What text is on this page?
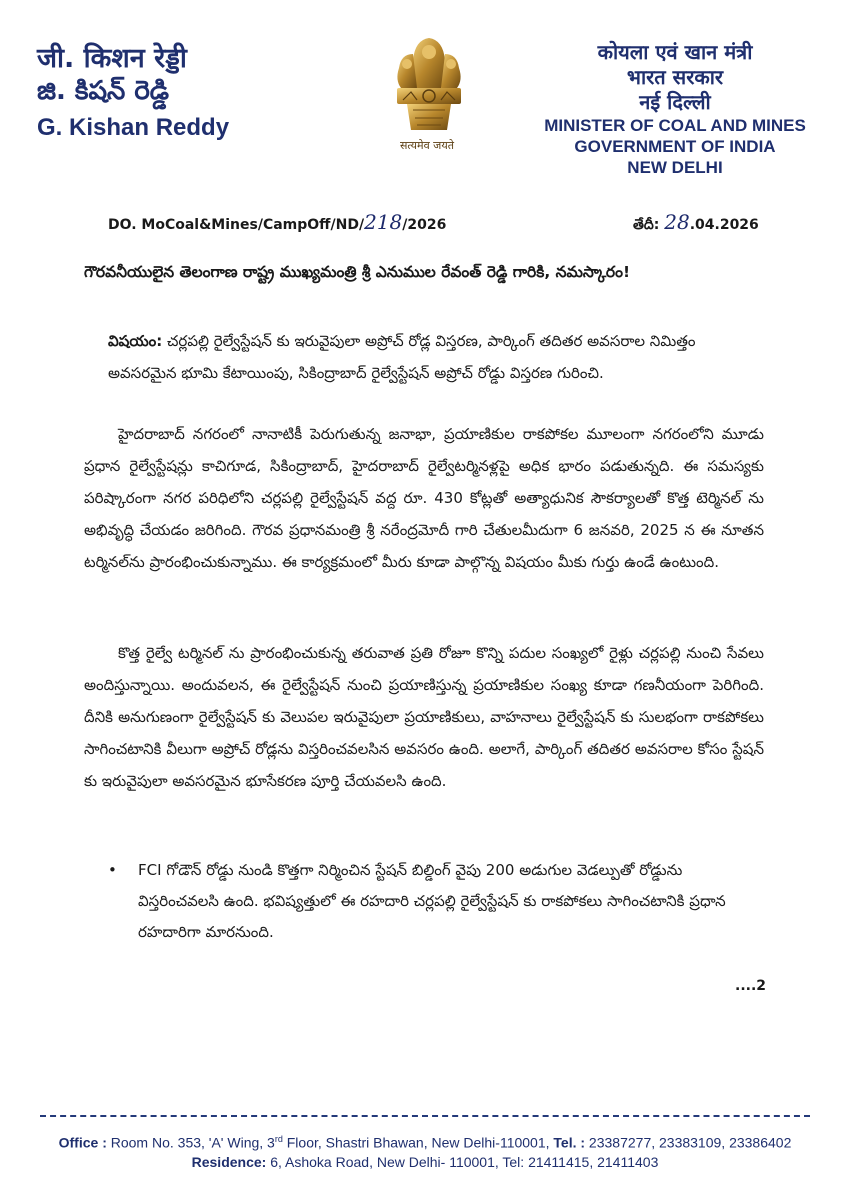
जी. किशन रेड्डी
జి. కిషన్ రెడ్డి
G. Kishan Reddy
सत्यमेव जयते
कोयला एवं खान मंत्री
भारत सरकार
नई दिल्ली
MINISTER OF COAL AND MINES
GOVERNMENT OF INDIA
NEW DELHI
DO. MoCoal&Mines/CampOff/ND/218/2026	తేదీ: 28.04.2026
గౌరవనీయులైన తెలంగాణ రాష్ట్ర ముఖ్యమంత్రి శ్రీ ఎనుముల రేవంత్ రెడ్డి గారికి, నమస్కారం!
విషయం: చర్లపల్లి రైల్వేస్టేషన్ కు ఇరువైపులా అప్రోచ్ రోడ్ల విస్తరణ, పార్కింగ్ తదితర అవసరాల నిమిత్తం అవసరమైన భూమి కేటాయింపు, సికింద్రాబాద్ రైల్వేస్టేషన్ అప్రోచ్ రోడ్డు విస్తరణ గురించి.

హైదరాబాద్ నగరంలో నానాటికీ పెరుగుతున్న జనాభా, ప్రయాణికుల రాకపోకల మూలంగా నగరంలోని మూడు ప్రధాన రైల్వేస్టేషన్లు కాచిగూడ, సికింద్రాబాద్, హైదరాబాద్ రైల్వేటర్మినళ్లపై అధిక భారం పడుతున్నది. ఈ సమస్యకు పరిష్కారంగా నగర పరిధిలోని చర్లపల్లి రైల్వేస్టేషన్ వద్ద రూ. 430 కోట్లతో అత్యాధునిక సౌకర్యాలతో కొత్త టెర్మినల్ ను అభివృద్ధి చేయడం జరిగింది. గౌరవ ప్రధానమంత్రి శ్రీ నరేంద్రమోదీ గారి చేతులమీదుగా 6 జనవరి, 2025 న ఈ నూతన టర్మినల్‌ను ప్రారంభించుకున్నాము. ఈ కార్యక్రమంలో మీరు కూడా పాల్గొన్న విషయం మీకు గుర్తు ఉండే ఉంటుంది.

కొత్త రైల్వే టర్మినల్ ను ప్రారంభించుకున్న తరువాత ప్రతి రోజూ కొన్ని పదుల సంఖ్యలో రైళ్లు చర్లపల్లి నుంచి సేవలు అందిస్తున్నాయి. అందువలన, ఈ రైల్వేస్టేషన్ నుంచి ప్రయాణిస్తున్న ప్రయాణికుల సంఖ్య కూడా గణనీయంగా పెరిగింది. దీనికి అనుగుణంగా రైల్వేస్టేషన్ కు వెలుపల ఇరువైపులా ప్రయాణికులు, వాహనాలు రైల్వేస్టేషన్ కు సులభంగా రాకపోకలు సాగించటానికి వీలుగా అప్రోచ్ రోడ్లను విస్తరించవలసిన అవసరం ఉంది. అలాగే, పార్కింగ్ తదితర అవసరాల కోసం స్టేషన్ కు ఇరువైపులా అవసరమైన భూసేకరణ పూర్తి చేయవలసి ఉంది.

• FCI గోడౌన్ రోడ్డు నుండి కొత్తగా నిర్మించిన స్టేషన్ బిల్డింగ్ వైపు 200 అడుగుల వెడల్పుతో రోడ్డును విస్తరించవలసి ఉంది. భవిష్యత్తులో ఈ రహదారి చర్లపల్లి రైల్వేస్టేషన్ కు రాకపోకలు సాగించటానికి ప్రధాన రహదారిగా మారనుంది.
....2
Office : Room No. 353, 'A' Wing, 3rd Floor, Shastri Bhawan, New Delhi-110001, Tel. : 23387277, 23383109, 23386402
Residence: 6, Ashoka Road, New Delhi- 110001, Tel: 21411415, 21411403
